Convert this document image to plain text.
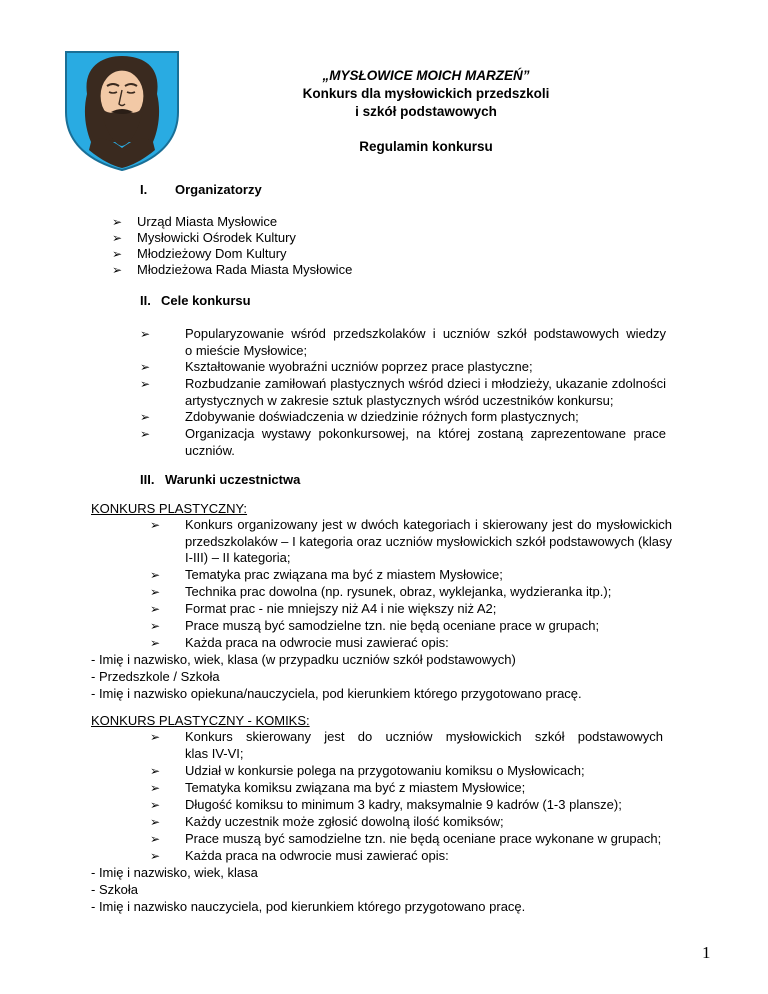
„MYSŁOWICE MOICH MARZEŃ”
Konkurs dla mysłowickich przedszkoli
i szkół podstawowych
Regulamin konkursu
I. Organizatorzy
➢ Urząd Miasta Mysłowice
➢ Mysłowicki Ośrodek Kultury
➢ Młodzieżowy Dom Kultury
➢ Młodzieżowa Rada Miasta Mysłowice
II. Cele konkursu
➢	Popularyzowanie wśród przedszkolaków i uczniów szkół podstawowych wiedzy
o mieście Mysłowice;
➢	Kształtowanie wyobraźni uczniów poprzez prace plastyczne;
➢	Rozbudzanie zamiłowań plastycznych wśród dzieci i młodzieży, ukazanie zdolności
artystycznych w zakresie sztuk plastycznych wśród uczestników konkursu;
➢	Zdobywanie doświadczenia w dziedzinie różnych form plastycznych;
➢	Organizacja wystawy pokonkursowej, na której zostaną zaprezentowane prace
uczniów.
III. Warunki uczestnictwa
KONKURS PLASTYCZNY:
➢ Konkurs organizowany jest w dwóch kategoriach i skierowany jest do mysłowickich
przedszkolaków – I kategoria oraz uczniów mysłowickich szkół podstawowych (klasy
I-III) – II kategoria;
➢ Tematyka prac związana ma być z miastem Mysłowice;
➢ Technika prac dowolna (np. rysunek, obraz, wyklejanka, wydzieranka itp.);
➢ Format prac - nie mniejszy niż A4 i nie większy niż A2;
➢ Prace muszą być samodzielne tzn. nie będą oceniane prace w grupach;
➢ Każda praca na odwrocie musi zawierać opis:
- Imię i nazwisko, wiek, klasa (w przypadku uczniów szkół podstawowych)
- Przedszkole / Szkoła
- Imię i nazwisko opiekuna/nauczyciela, pod kierunkiem którego przygotowano pracę.
KONKURS PLASTYCZNY - KOMIKS:
➢ Konkurs skierowany jest do uczniów mysłowickich szkół podstawowych
klas IV-VI;
➢ Udział w konkursie polega na przygotowaniu komiksu o Mysłowicach;
➢ Tematyka komiksu związana ma być z miastem Mysłowice;
➢ Długość komiksu to minimum 3 kadry, maksymalnie 9 kadrów (1-3 plansze);
➢ Każdy uczestnik może zgłosić dowolną ilość komiksów;
➢ Prace muszą być samodzielne tzn. nie będą oceniane prace wykonane w grupach;
➢ Każda praca na odwrocie musi zawierać opis:
- Imię i nazwisko, wiek, klasa
- Szkoła
- Imię i nazwisko nauczyciela, pod kierunkiem którego przygotowano pracę.
1
